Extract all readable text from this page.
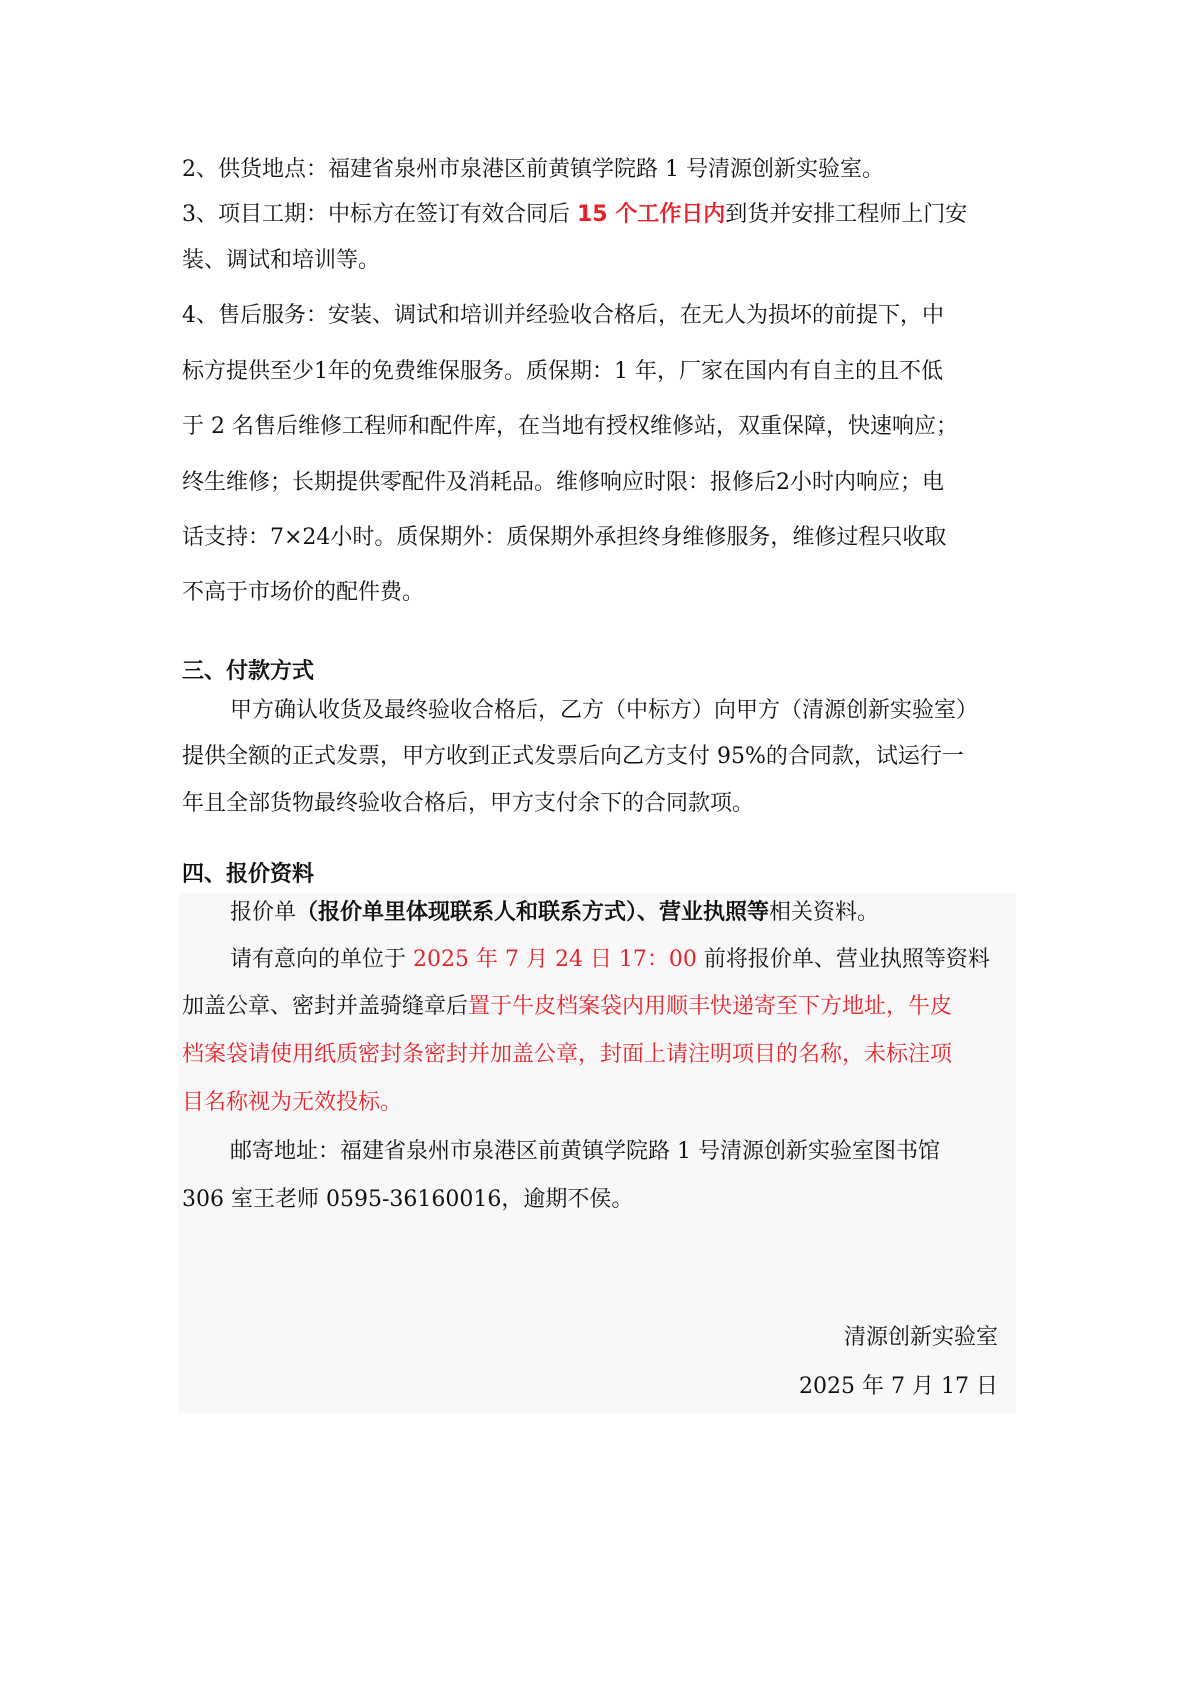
2、供货地点：福建省泉州市泉港区前黄镇学院路 1 号清源创新实验室。
3、项目工期：中标方在签订有效合同后 15 个工作日内到货并安排工程师上门安
装、调试和培训等。
4、售后服务：安装、调试和培训并经验收合格后，在无人为损坏的前提下，中
标方提供至少1年的免费维保服务。质保期：1 年，厂家在国内有自主的且不低
于 2 名售后维修工程师和配件库，在当地有授权维修站，双重保障，快速响应；
终生维修；长期提供零配件及消耗品。维修响应时限：报修后2小时内响应；电
话支持：7×24小时。质保期外：质保期外承担终身维修服务，维修过程只收取
不高于市场价的配件费。
三、付款方式
甲方确认收货及最终验收合格后，乙方（中标方）向甲方（清源创新实验室）
提供全额的正式发票，甲方收到正式发票后向乙方支付 95%的合同款，试运行一
年且全部货物最终验收合格后，甲方支付余下的合同款项。
四、报价资料
报价单（报价单里体现联系人和联系方式）、营业执照等相关资料。
请有意向的单位于 2025 年 7 月 24 日 17：00 前将报价单、营业执照等资料
加盖公章、密封并盖骑缝章后置于牛皮档案袋内用顺丰快递寄至下方地址，牛皮
档案袋请使用纸质密封条密封并加盖公章，封面上请注明项目的名称，未标注项
目名称视为无效投标。
邮寄地址：福建省泉州市泉港区前黄镇学院路 1 号清源创新实验室图书馆
306 室王老师 0595-36160016，逾期不侯。
清源创新实验室
2025 年 7 月 17 日
